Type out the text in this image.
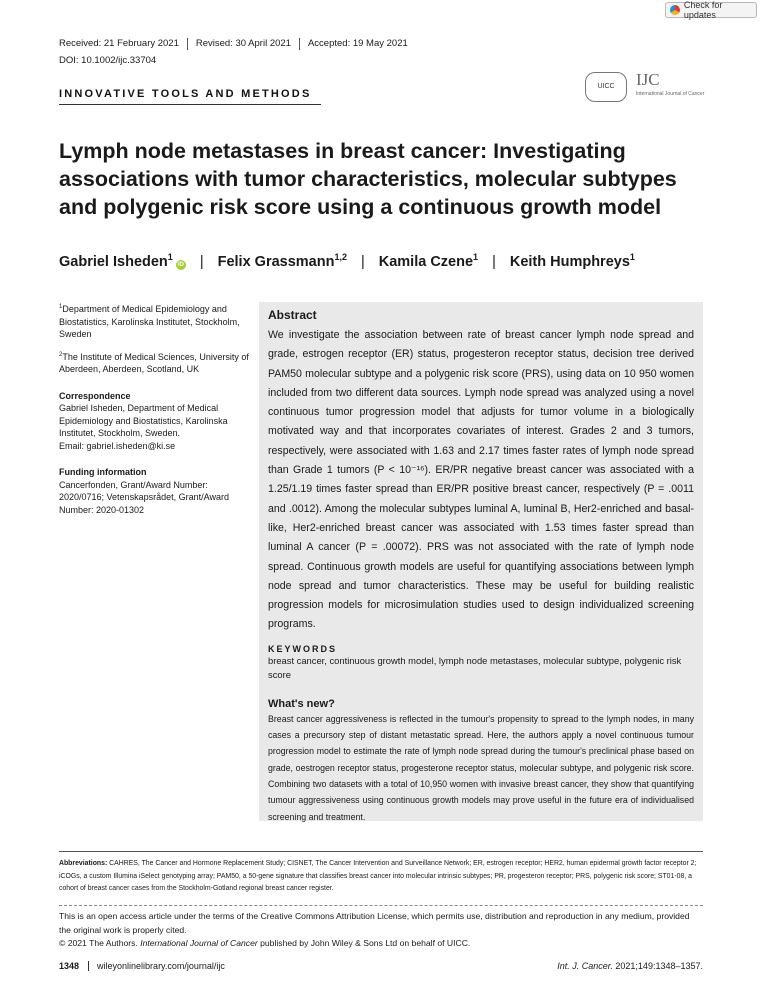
Check for updates
Received: 21 February 2021	Revised: 30 April 2021	Accepted: 19 May 2021
DOI: 10.1002/ijc.33704
INNOVATIVE TOOLS AND METHODS
UICC	IJC
International Journal of Cancer
Lymph node metastases in breast cancer: Investigating associations with tumor characteristics, molecular subtypes and polygenic risk score using a continuous growth model
Gabriel Isheden$^1$
iD	| Felix Grassmann$^{1,2}$ | Kamila Czene$^1$ | Keith Humphreys$^1$

$^1$Department of Medical Epidemiology and Biostatistics, Karolinska Institutet, Stockholm, Sweden

$^2$The Institute of Medical Sciences, University of Aberdeen, Aberdeen, Scotland, UK

Correspondence

Gabriel Isheden, Department of Medical Epidemiology and Biostatistics, Karolinska Institutet, Stockholm, Sweden.

Email: gabriel.isheden@ki.se

Funding information

Cancerfonden, Grant/Award Number: 2020/0716; Vetenskapsrådet, Grant/Award Number: 2020-01302

Abstract

We investigate the association between rate of breast cancer lymph node spread and grade, estrogen receptor (ER) status, progesteron receptor status, decision tree derived PAM50 molecular subtype and a polygenic risk score (PRS), using data on 10 950 women included from two different data sources. Lymph node spread was analyzed using a novel continuous tumor progression model that adjusts for tumor volume in a biologically motivated way and that incorporates covariates of interest. Grades 2 and 3 tumors, respectively, were associated with 1.63 and 2.17 times faster rates of lymph node spread than Grade 1 tumors (P < 10⁻¹⁶). ER/PR negative breast cancer was associated with a 1.25/1.19 times faster spread than ER/PR positive breast cancer, respectively (P = .0011 and .0012). Among the molecular subtypes luminal A, luminal B, Her2-enriched and basal-like, Her2-enriched breast cancer was associated with 1.53 times faster spread than luminal A cancer (P = .00072). PRS was not associated with the rate of lymph node spread. Continuous growth models are useful for quantifying associations between lymph node spread and tumor characteristics. These may be useful for building realistic progression models for microsimulation studies used to design individualized screening programs.

KEYWORDS
breast cancer, continuous growth model, lymph node metastases, molecular subtype, polygenic risk score
What's new?
Breast cancer aggressiveness is reflected in the tumour's propensity to spread to the lymph nodes, in many cases a precursory step of distant metastatic spread. Here, the authors apply a novel continuous tumour progression model to estimate the rate of lymph node spread during the tumour's preclinical phase based on grade, oestrogen receptor status, progesterone receptor status, molecular subtype, and polygenic risk score. Combining two datasets with a total of 10,950 women with invasive breast cancer, they show that quantifying tumour aggressiveness using continuous growth models may prove useful in the future era of individualised screening and treatment.
Abbreviations: CAHRES, The Cancer and Hormone Replacement Study; CISNET, The Cancer Intervention and Surveillance Network; ER, estrogen receptor; HER2, human epidermal growth factor receptor 2; iCOGs, a custom Illumina iSelect genotyping array; PAM50, a 50-gene signature that classifies breast cancer into molecular intrinsic subtypes; PR, progesteron receptor; PRS, polygenic risk score; ST01-08, a cohort of breast cancer cases from the Stockholm-Gotland regional breast cancer register.
This is an open access article under the terms of the Creative Commons Attribution License, which permits use, distribution and reproduction in any medium, provided the original work is properly cited.
© 2021 The Authors. International Journal of Cancer published by John Wiley & Sons Ltd on behalf of UICC.
1348	wileyonlinelibrary.com/journal/ijc	Int. J. Cancer. 2021;149:1348–1357.
